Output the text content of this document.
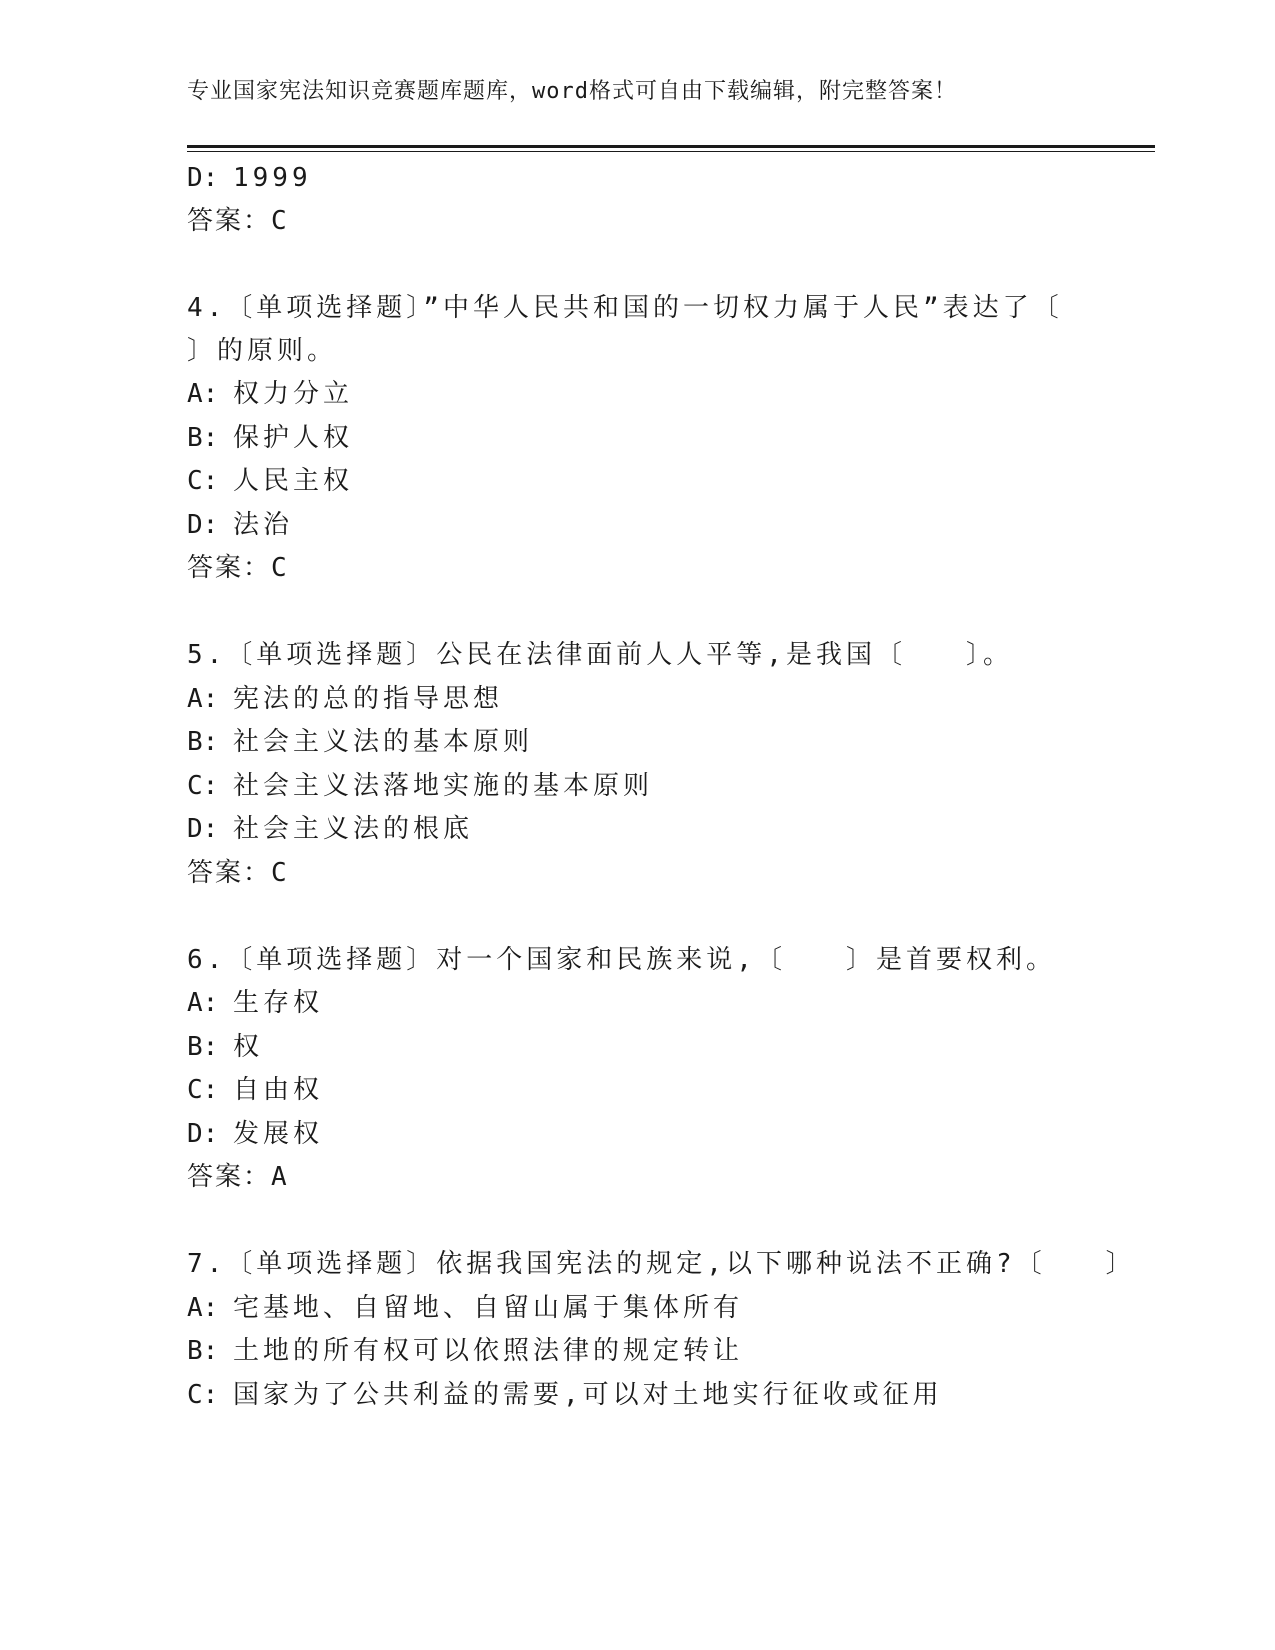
专业国家宪法知识竞赛题库题库，word格式可自由下载编辑，附完整答案！
D: 1999
答案：C
4.〔单项选择题〕”中华人民共和国的一切权力属于人民”表达了〔
〕的原则。
A: 权力分立
B: 保护人权
C: 人民主权
D: 法治
答案：C
5.〔单项选择题〕公民在法律面前人人平等,是我国〔　　〕。
A: 宪法的总的指导思想
B: 社会主义法的基本原则
C: 社会主义法落地实施的基本原则
D: 社会主义法的根底
答案：C
6.〔单项选择题〕对一个国家和民族来说,〔　　〕是首要权利。
A: 生存权
B: 权
C: 自由权
D: 发展权
答案：A
7.〔单项选择题〕依据我国宪法的规定,以下哪种说法不正确?〔　　〕
A: 宅基地、自留地、自留山属于集体所有
B: 土地的所有权可以依照法律的规定转让
C: 国家为了公共利益的需要,可以对土地实行征收或征用
